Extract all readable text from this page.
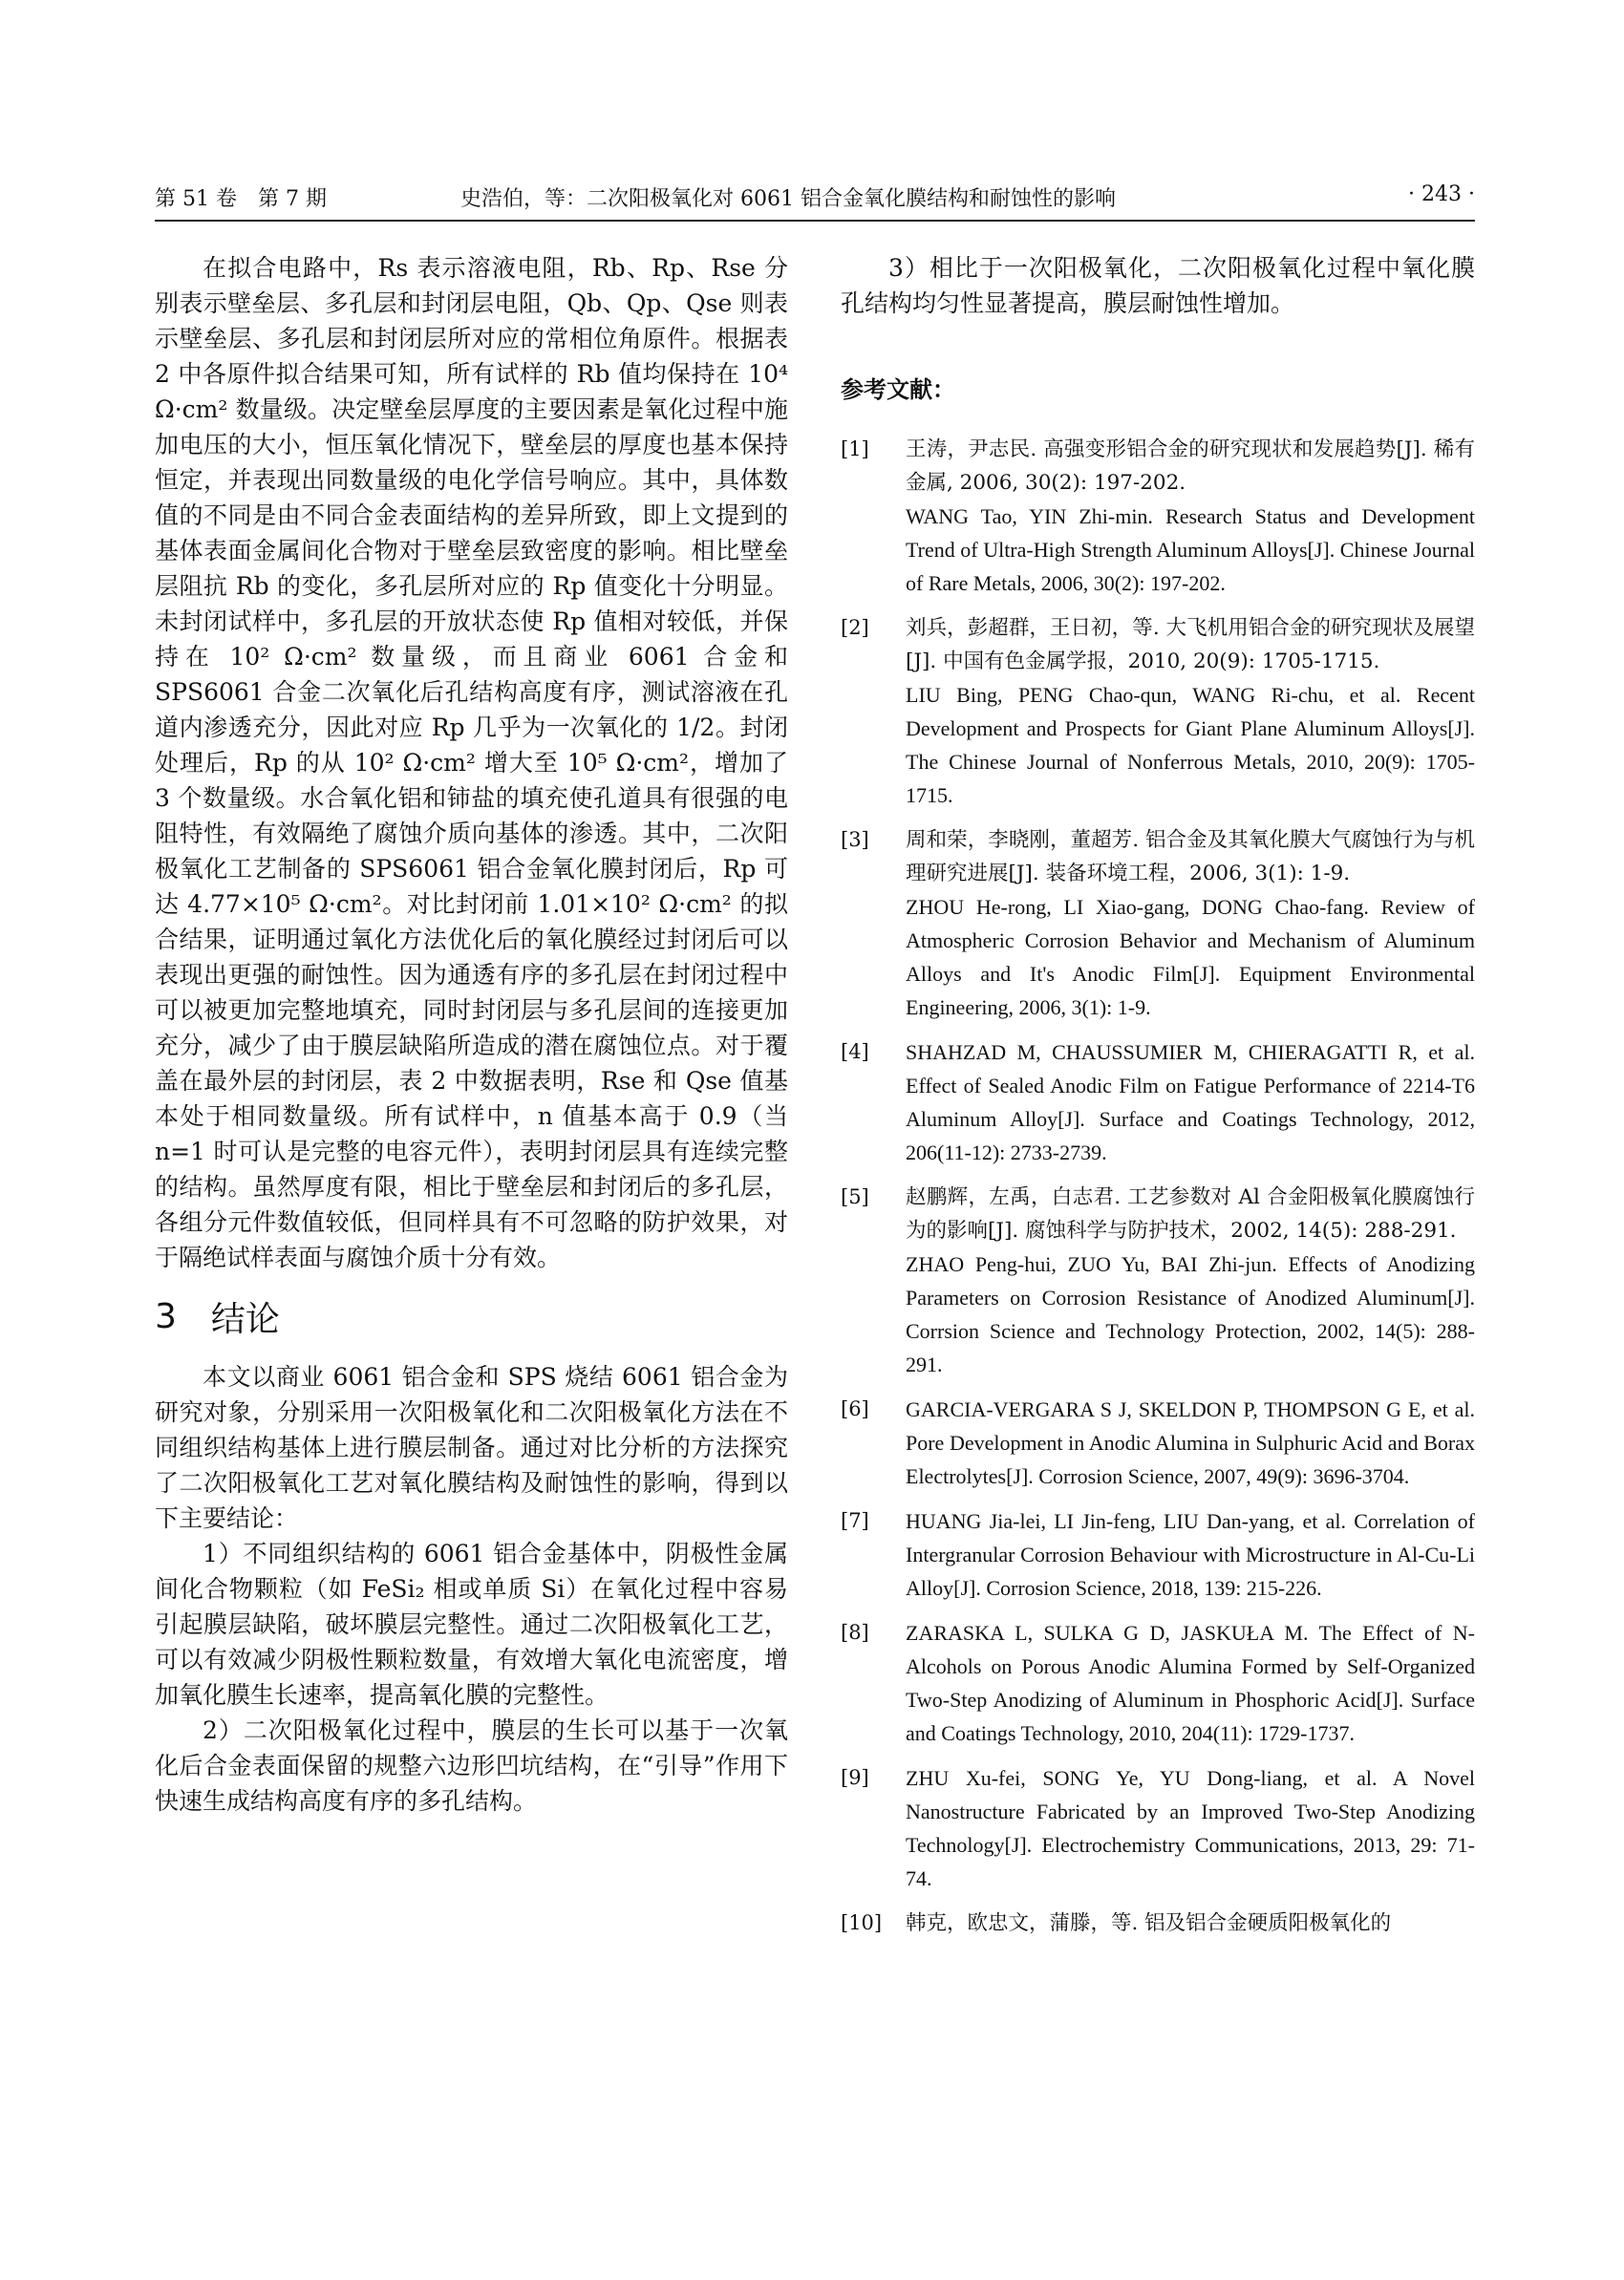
第 51 卷　第 7 期	史浩伯，等：二次阳极氧化对 6061 铝合金氧化膜结构和耐蚀性的影响	· 243 ·

在拟合电路中，Rs 表示溶液电阻，Rb、Rp、Rse 分别表示壁垒层、多孔层和封闭层电阻，Qb、Qp、Qse 则表示壁垒层、多孔层和封闭层所对应的常相位角原件。根据表 2 中各原件拟合结果可知，所有试样的 Rb 值均保持在 10⁴ Ω·cm² 数量级。决定壁垒层厚度的主要因素是氧化过程中施加电压的大小，恒压氧化情况下，壁垒层的厚度也基本保持恒定，并表现出同数量级的电化学信号响应。其中，具体数值的不同是由不同合金表面结构的差异所致，即上文提到的基体表面金属间化合物对于壁垒层致密度的影响。相比壁垒层阻抗 Rb 的变化，多孔层所对应的 Rp 值变化十分明显。未封闭试样中，多孔层的开放状态使 Rp 值相对较低，并保持在 10² Ω·cm² 数量级，而且商业 6061 合金和 SPS6061 合金二次氧化后孔结构高度有序，测试溶液在孔道内渗透充分，因此对应 Rp 几乎为一次氧化的 1/2。封闭处理后，Rp 的从 10² Ω·cm² 增大至 10⁵ Ω·cm²，增加了 3 个数量级。水合氧化铝和铈盐的填充使孔道具有很强的电阻特性，有效隔绝了腐蚀介质向基体的渗透。其中，二次阳极氧化工艺制备的 SPS6061 铝合金氧化膜封闭后，Rp 可达 4.77×10⁵ Ω·cm²。对比封闭前 1.01×10² Ω·cm² 的拟合结果，证明通过氧化方法优化后的氧化膜经过封闭后可以表现出更强的耐蚀性。因为通透有序的多孔层在封闭过程中可以被更加完整地填充，同时封闭层与多孔层间的连接更加充分，减少了由于膜层缺陷所造成的潜在腐蚀位点。对于覆盖在最外层的封闭层，表 2 中数据表明，Rse 和 Qse 值基本处于相同数量级。所有试样中，n 值基本高于 0.9（当 n=1 时可认是完整的电容元件），表明封闭层具有连续完整的结构。虽然厚度有限，相比于壁垒层和封闭后的多孔层，各组分元件数值较低，但同样具有不可忽略的防护效果，对于隔绝试样表面与腐蚀介质十分有效。

3 结论

本文以商业 6061 铝合金和 SPS 烧结 6061 铝合金为研究对象，分别采用一次阳极氧化和二次阳极氧化方法在不同组织结构基体上进行膜层制备。通过对比分析的方法探究了二次阳极氧化工艺对氧化膜结构及耐蚀性的影响，得到以下主要结论：

1）不同组织结构的 6061 铝合金基体中，阴极性金属间化合物颗粒（如 FeSi₂ 相或单质 Si）在氧化过程中容易引起膜层缺陷，破坏膜层完整性。通过二次阳极氧化工艺，可以有效减少阴极性颗粒数量，有效增大氧化电流密度，增加氧化膜生长速率，提高氧化膜的完整性。

2）二次阳极氧化过程中，膜层的生长可以基于一次氧化后合金表面保留的规整六边形凹坑结构，在“引导”作用下快速生成结构高度有序的多孔结构。

3）相比于一次阳极氧化，二次阳极氧化过程中氧化膜孔结构均匀性显著提高，膜层耐蚀性增加。

参考文献：
[1]	王涛，尹志民. 高强变形铝合金的研究现状和发展趋势[J]. 稀有金属, 2006, 30(2): 197-202.
WANG Tao, YIN Zhi-min. Research Status and Development Trend of Ultra-High Strength Aluminum Alloys[J]. Chinese Journal of Rare Metals, 2006, 30(2): 197-202.
[2]	刘兵，彭超群，王日初，等. 大飞机用铝合金的研究现状及展望[J]. 中国有色金属学报，2010, 20(9): 1705-1715.
LIU Bing, PENG Chao-qun, WANG Ri-chu, et al. Recent Development and Prospects for Giant Plane Aluminum Alloys[J]. The Chinese Journal of Nonferrous Metals, 2010, 20(9): 1705-1715.
[3]	周和荣，李晓刚，董超芳. 铝合金及其氧化膜大气腐蚀行为与机理研究进展[J]. 装备环境工程，2006, 3(1): 1-9.
ZHOU He-rong, LI Xiao-gang, DONG Chao-fang. Review of Atmospheric Corrosion Behavior and Mechanism of Aluminum Alloys and It's Anodic Film[J]. Equipment Environmental Engineering, 2006, 3(1): 1-9.
[4]	SHAHZAD M, CHAUSSUMIER M, CHIERAGATTI R, et al. Effect of Sealed Anodic Film on Fatigue Performance of 2214-T6 Aluminum Alloy[J]. Surface and Coatings Technology, 2012, 206(11-12): 2733-2739.
[5]	赵鹏辉，左禹，白志君. 工艺参数对 Al 合金阳极氧化膜腐蚀行为的影响[J]. 腐蚀科学与防护技术，2002, 14(5): 288-291.
ZHAO Peng-hui, ZUO Yu, BAI Zhi-jun. Effects of Anodizing Parameters on Corrosion Resistance of Anodized Aluminum[J]. Corrsion Science and Technology Protection, 2002, 14(5): 288-291.
[6]	GARCIA-VERGARA S J, SKELDON P, THOMPSON G E, et al. Pore Development in Anodic Alumina in Sulphuric Acid and Borax Electrolytes[J]. Corrosion Science, 2007, 49(9): 3696-3704.
[7]	HUANG Jia-lei, LI Jin-feng, LIU Dan-yang, et al. Correlation of Intergranular Corrosion Behaviour with Microstructure in Al-Cu-Li Alloy[J]. Corrosion Science, 2018, 139: 215-226.
[8]	ZARASKA L, SULKA G D, JASKUŁA M. The Effect of N-Alcohols on Porous Anodic Alumina Formed by Self-Organized Two-Step Anodizing of Aluminum in Phosphoric Acid[J]. Surface and Coatings Technology, 2010, 204(11): 1729-1737.
[9]	ZHU Xu-fei, SONG Ye, YU Dong-liang, et al. A Novel Nanostructure Fabricated by an Improved Two-Step Anodizing Technology[J]. Electrochemistry Communications, 2013, 29: 71-74.
[10]	韩克，欧忠文，蒲滕，等. 铝及铝合金硬质阳极氧化的
